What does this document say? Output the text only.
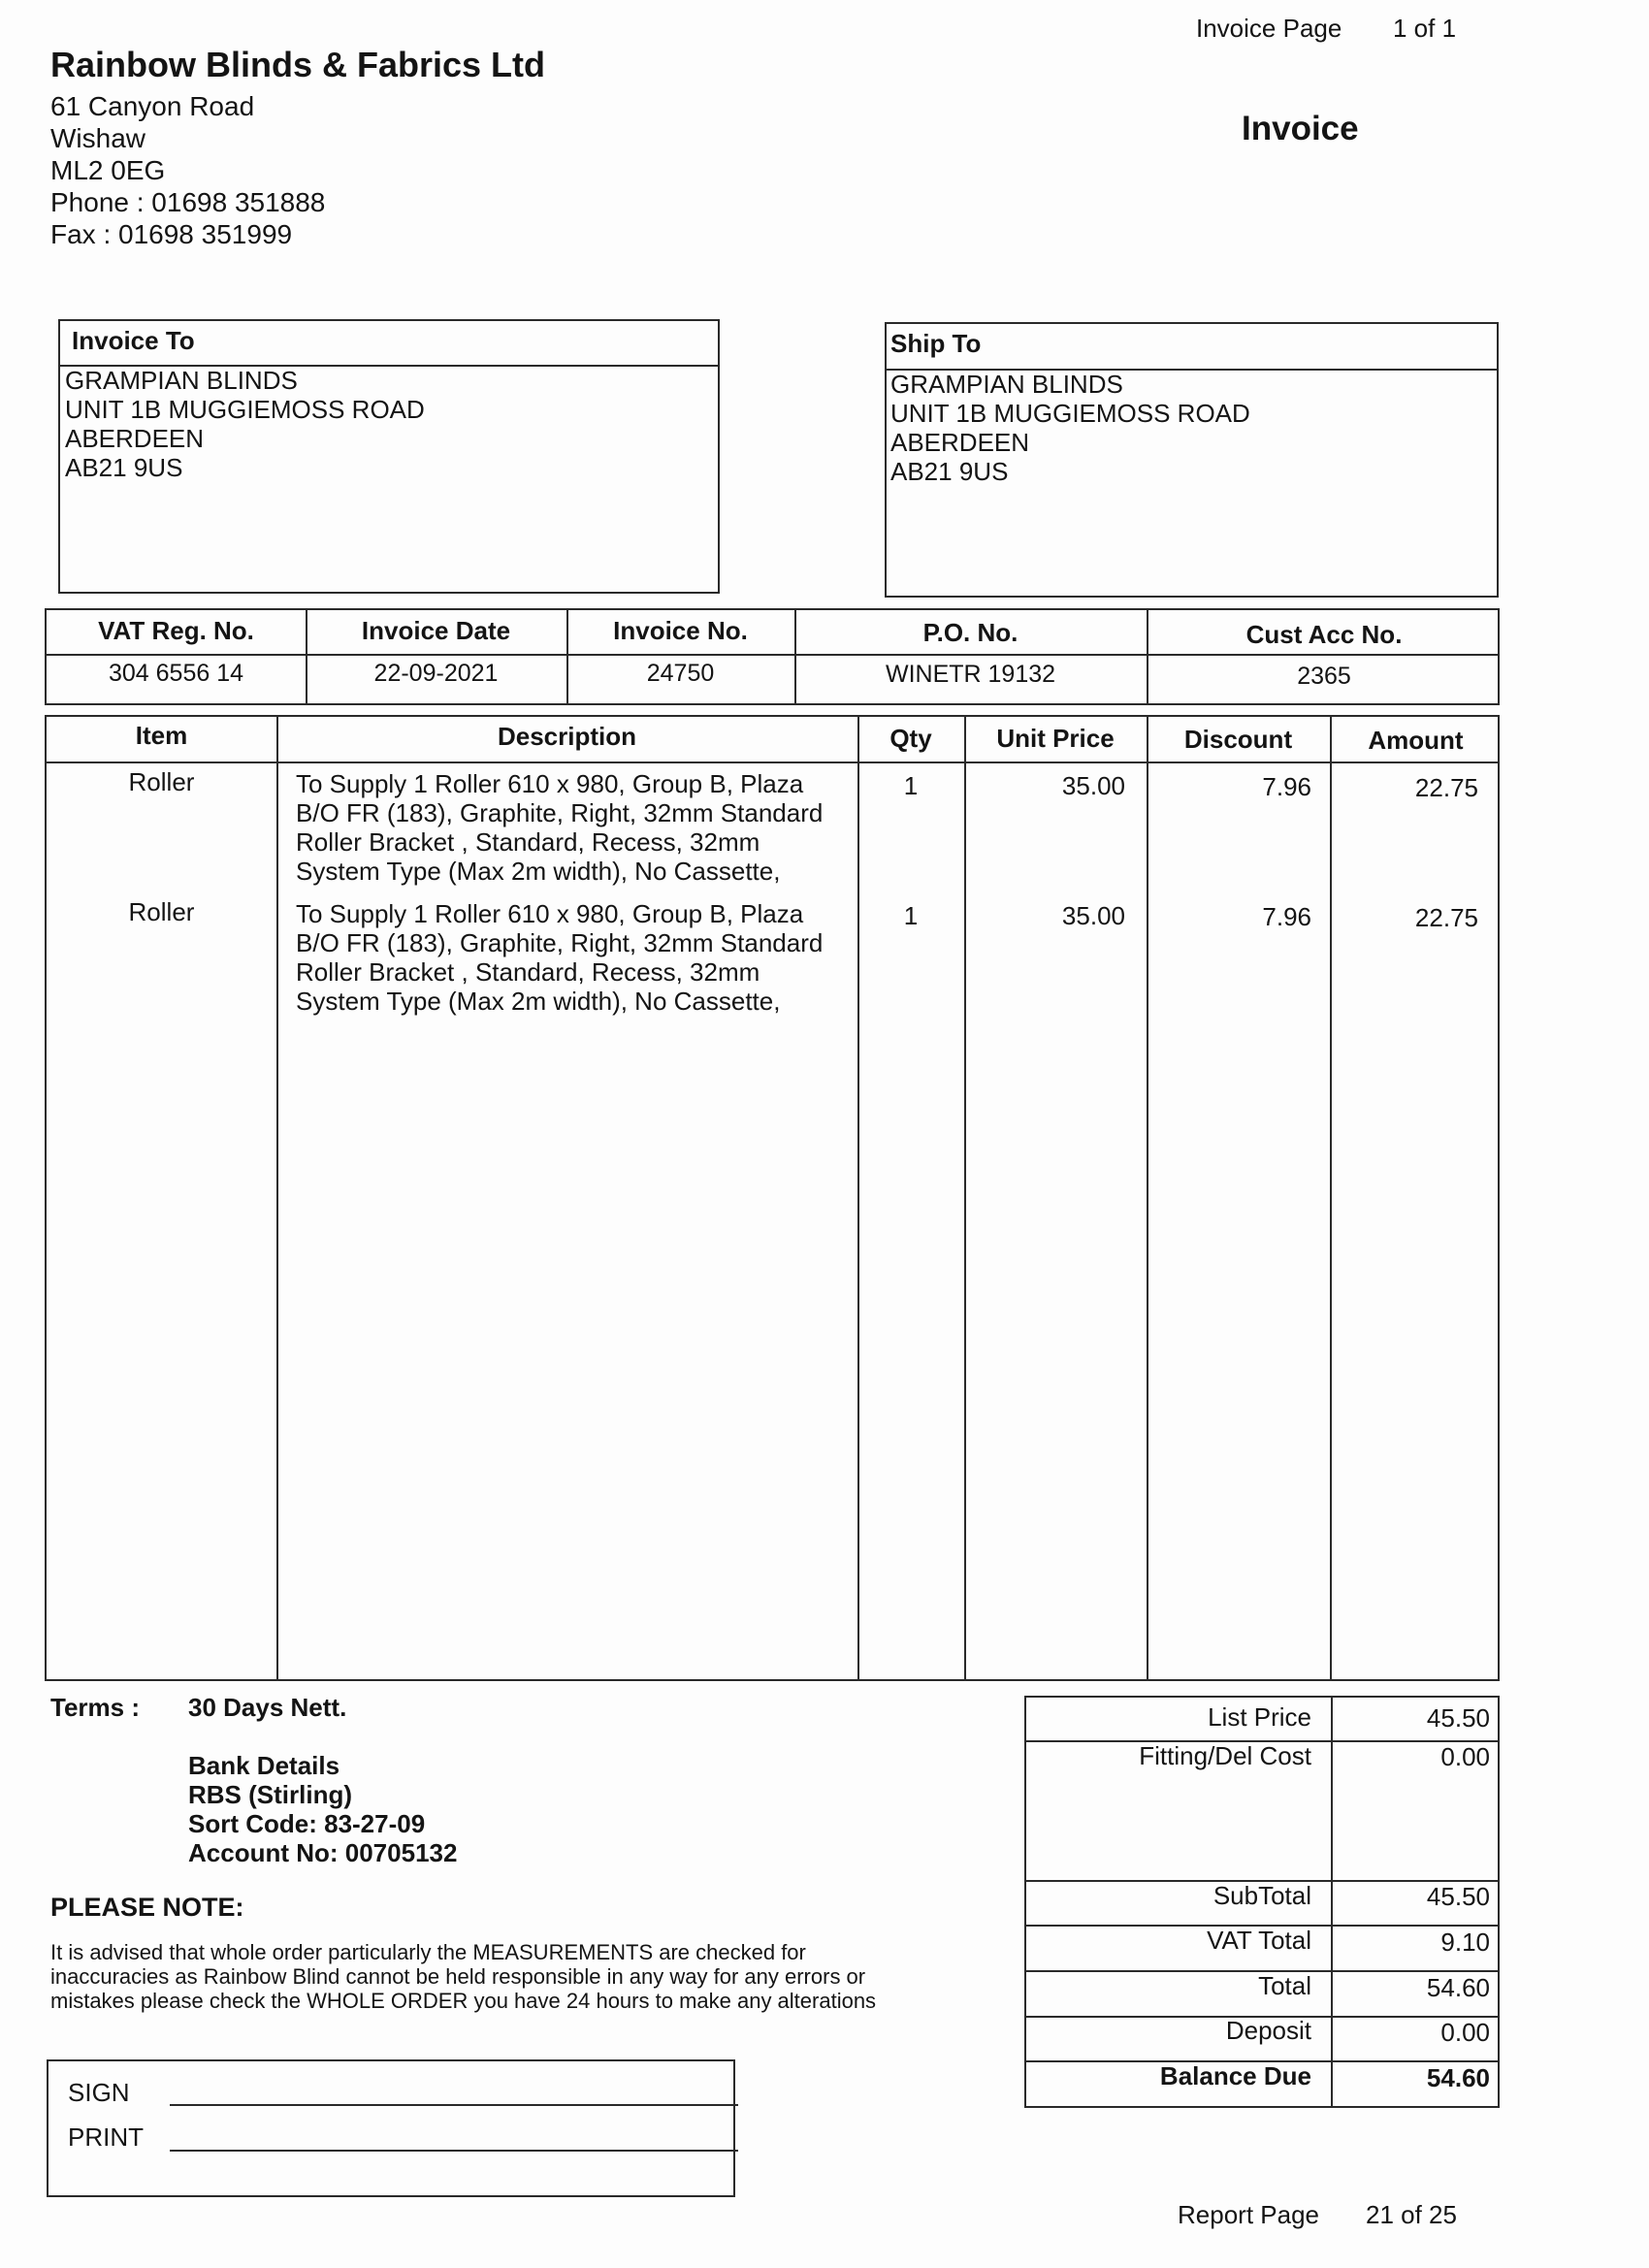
Invoice Page 1 of 1
Rainbow Blinds & Fabrics Ltd
61 Canyon Road
Wishaw
ML2 0EG
Phone : 01698 351888
Fax : 01698 351999
Invoice
Invoice To
GRAMPIAN BLINDS
UNIT 1B MUGGIEMOSS ROAD
ABERDEEN
AB21 9US
Ship To
GRAMPIAN BLINDS
UNIT 1B MUGGIEMOSS ROAD
ABERDEEN
AB21 9US
VAT Reg. No.	Invoice Date	Invoice No.	P.O. No.	Cust Acc No.
304 6556 14	22-09-2021	24750	WINETR 19132	2365
Item	Description	Qty	Unit Price	Discount	Amount
Roller	To Supply 1 Roller 610 x 980, Group B, Plaza
B/O FR (183), Graphite, Right, 32mm Standard
Roller Bracket , Standard, Recess, 32mm
System Type (Max 2m width), No Cassette,
1	35.00	7.96	22.75
Roller	To Supply 1 Roller 610 x 980, Group B, Plaza
B/O FR (183), Graphite, Right, 32mm Standard
Roller Bracket , Standard, Recess, 32mm
System Type (Max 2m width), No Cassette,
1	35.00	7.96	22.75
Terms : 30 Days Nett.
Bank Details
RBS (Stirling)
Sort Code: 83-27-09
Account No: 00705132
PLEASE NOTE:
It is advised that whole order particularly the MEASUREMENTS are checked for
inaccuracies as Rainbow Blind cannot be held responsible in any way for any errors or
mistakes please check the WHOLE ORDER you have 24 hours to make any alterations
SIGN
PRINT
List Price	45.50
Fitting/Del Cost	0.00
SubTotal	45.50
VAT Total	9.10
Total	54.60
Deposit	0.00
Balance Due	54.60
Report Page 21 of 25
